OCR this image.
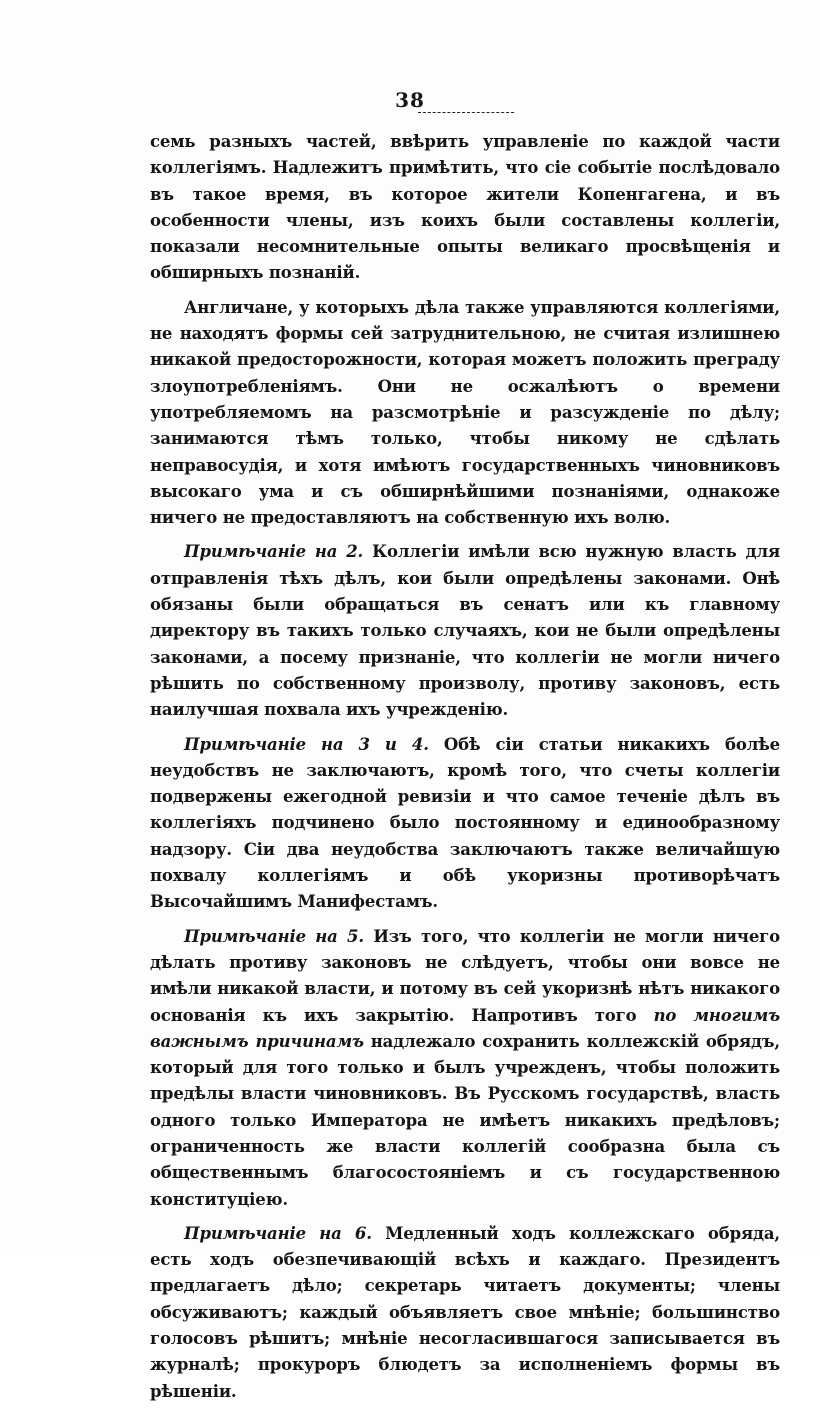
38

семь разныхъ частей, ввѣрить управленіе по каждой части коллегіямъ. Надлежитъ примѣтить, что сіе событіе послѣдовало въ такое время, въ которое жители Копенгагена, и въ особенности члены, изъ коихъ были составлены коллегіи, показали несомнительные опыты великаго просвѣщенія и обширныхъ познаній.

Англичане, у которыхъ дѣла также управляются коллегіями, не находятъ формы сей затруднительною, не считая излишнею никакой предосторожности, которая можетъ положить преграду злоупотребленіямъ. Они не осжалѣютъ о времени употребляемомъ на разсмотрѣніе и разсужденіе по дѣлу; занимаются тѣмъ только, чтобы никому не сдѣлать неправосудія, и хотя имѣютъ государственныхъ чиновниковъ высокаго ума и съ обширнѣйшими познаніями, однакоже ничего не предоставляютъ на собственную ихъ волю.

Примѣчаніе на 2. Коллегіи имѣли всю нужную власть для отправленія тѣхъ дѣлъ, кои были опредѣлены законами. Онѣ обязаны были обращаться въ сенатъ или къ главному директору въ такихъ только случаяхъ, кои не были опредѣлены законами, а посему признаніе, что коллегіи не могли ничего рѣшить по собственному произволу, противу законовъ, есть наилучшая похвала ихъ учрежденію.

Примѣчаніе на 3 и 4. Обѣ сіи статьи никакихъ болѣе неудобствъ не заключаютъ, кромѣ того, что счеты коллегіи подвержены ежегодной ревизіи и что самое теченіе дѣлъ въ коллегіяхъ подчинено было постоянному и единообразному надзору. Сіи два неудобства заключаютъ также величайшую похвалу коллегіямъ и обѣ укоризны противорѣчатъ Высочайшимъ Манифестамъ.

Примѣчаніе на 5. Изъ того, что коллегіи не могли ничего дѣлать противу законовъ не слѣдуетъ, чтобы они вовсе не имѣли никакой власти, и потому въ сей укоризнѣ нѣтъ никакого основанія къ ихъ закрытію. Напротивъ того по многимъ важнымъ причинамъ надлежало сохранить коллежскій обрядъ, который для того только и былъ учрежденъ, чтобы положить предѣлы власти чиновниковъ. Въ Русскомъ государствѣ, власть одного только Императора не имѣетъ никакихъ предѣловъ; ограниченность же власти коллегій сообразна была съ общественнымъ благосостояніемъ и съ государственною конституціею.

Примѣчаніе на 6. Медленный ходъ коллежскаго обряда, есть ходъ обезпечивающій всѣхъ и каждаго. Президентъ предлагаетъ дѣло; секретарь читаетъ документы; члены обсуживаютъ; каждый объявляетъ свое мнѣніе; большинство голосовъ рѣшитъ; мнѣніе несогласившагося записывается въ журналѣ; прокуроръ блюдетъ за исполненіемъ формы въ рѣшеніи.
